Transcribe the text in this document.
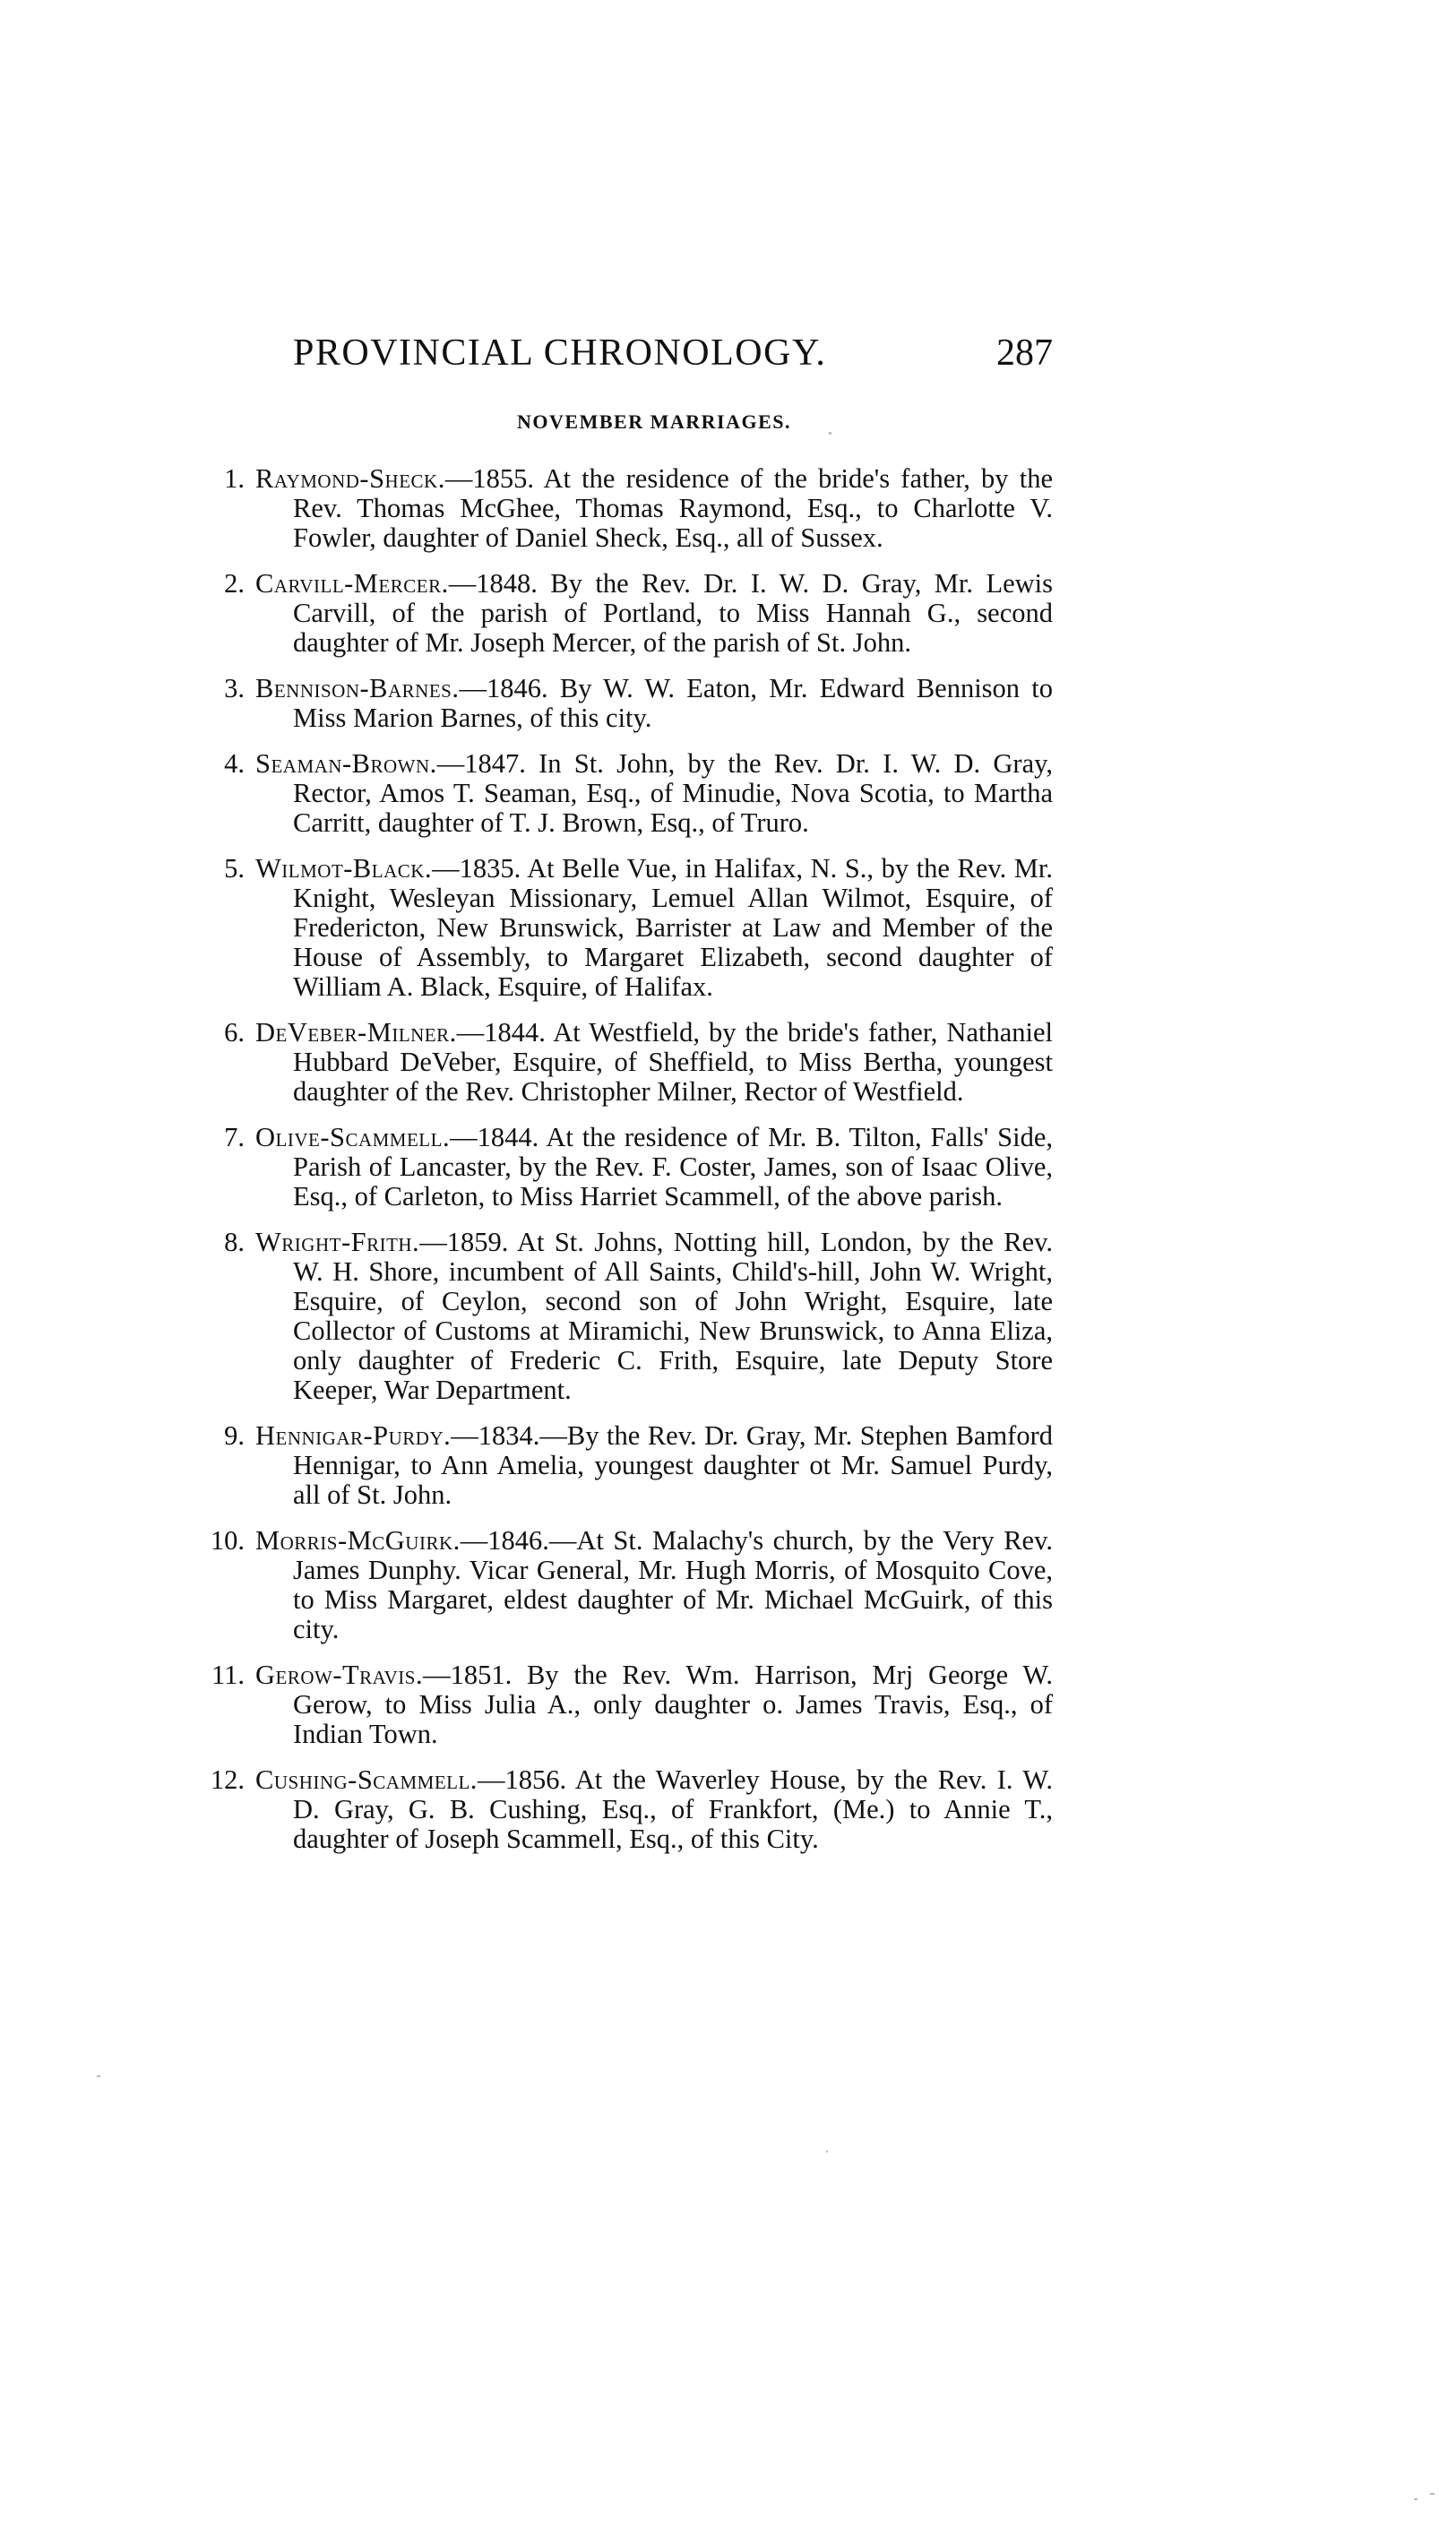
PROVINCIAL CHRONOLOGY.	287
NOVEMBER MARRIAGES.
1. Raymond-Sheck.—1855. At the residence of the bride's father, by the Rev. Thomas McGhee, Thomas Raymond, Esq., to Charlotte V. Fowler, daughter of Daniel Sheck, Esq., all of Sussex.
2. Carvill-Mercer.—1848. By the Rev. Dr. I. W. D. Gray, Mr. Lewis Carvill, of the parish of Portland, to Miss Hannah G., second daughter of Mr. Joseph Mercer, of the parish of St. John.
3. Bennison-Barnes.—1846. By W. W. Eaton, Mr. Edward Bennison to Miss Marion Barnes, of this city.
4. Seaman-Brown.—1847. In St. John, by the Rev. Dr. I. W. D. Gray, Rector, Amos T. Seaman, Esq., of Minudie, Nova Scotia, to Martha Carritt, daughter of T. J. Brown, Esq., of Truro.
5. Wilmot-Black.—1835. At Belle Vue, in Halifax, N. S., by the Rev. Mr. Knight, Wesleyan Missionary, Lemuel Allan Wilmot, Esquire, of Fredericton, New Brunswick, Barrister at Law and Member of the House of Assembly, to Margaret Elizabeth, second daughter of William A. Black, Esquire, of Halifax.
6. DeVeber-Milner.—1844. At Westfield, by the bride's father, Nathaniel Hubbard DeVeber, Esquire, of Sheffield, to Miss Bertha, youngest daughter of the Rev. Christopher Milner, Rector of Westfield.
7. Olive-Scammell.—1844. At the residence of Mr. B. Tilton, Falls' Side, Parish of Lancaster, by the Rev. F. Coster, James, son of Isaac Olive, Esq., of Carleton, to Miss Harriet Scammell, of the above parish.
8. Wright-Frith.—1859. At St. Johns, Notting hill, London, by the Rev. W. H. Shore, incumbent of All Saints, Child's-hill, John W. Wright, Esquire, of Ceylon, second son of John Wright, Esquire, late Collector of Customs at Miramichi, New Brunswick, to Anna Eliza, only daughter of Frederic C. Frith, Esquire, late Deputy Store Keeper, War Department.
9. Hennigar-Purdy.—1834.—By the Rev. Dr. Gray, Mr. Stephen Bamford Hennigar, to Ann Amelia, youngest daughter ot Mr. Samuel Purdy, all of St. John.
10. Morris-McGuirk.—1846.—At St. Malachy's church, by the Very Rev. James Dunphy. Vicar General, Mr. Hugh Morris, of Mosquito Cove, to Miss Margaret, eldest daughter of Mr. Michael McGuirk, of this city.
11. Gerow-Travis.—1851. By the Rev. Wm. Harrison, Mrj George W. Gerow, to Miss Julia A., only daughter o. James Travis, Esq., of Indian Town.
12. Cushing-Scammell.—1856. At the Waverley House, by the Rev. I. W. D. Gray, G. B. Cushing, Esq., of Frankfort, (Me.) to Annie T., daughter of Joseph Scammell, Esq., of this City.
